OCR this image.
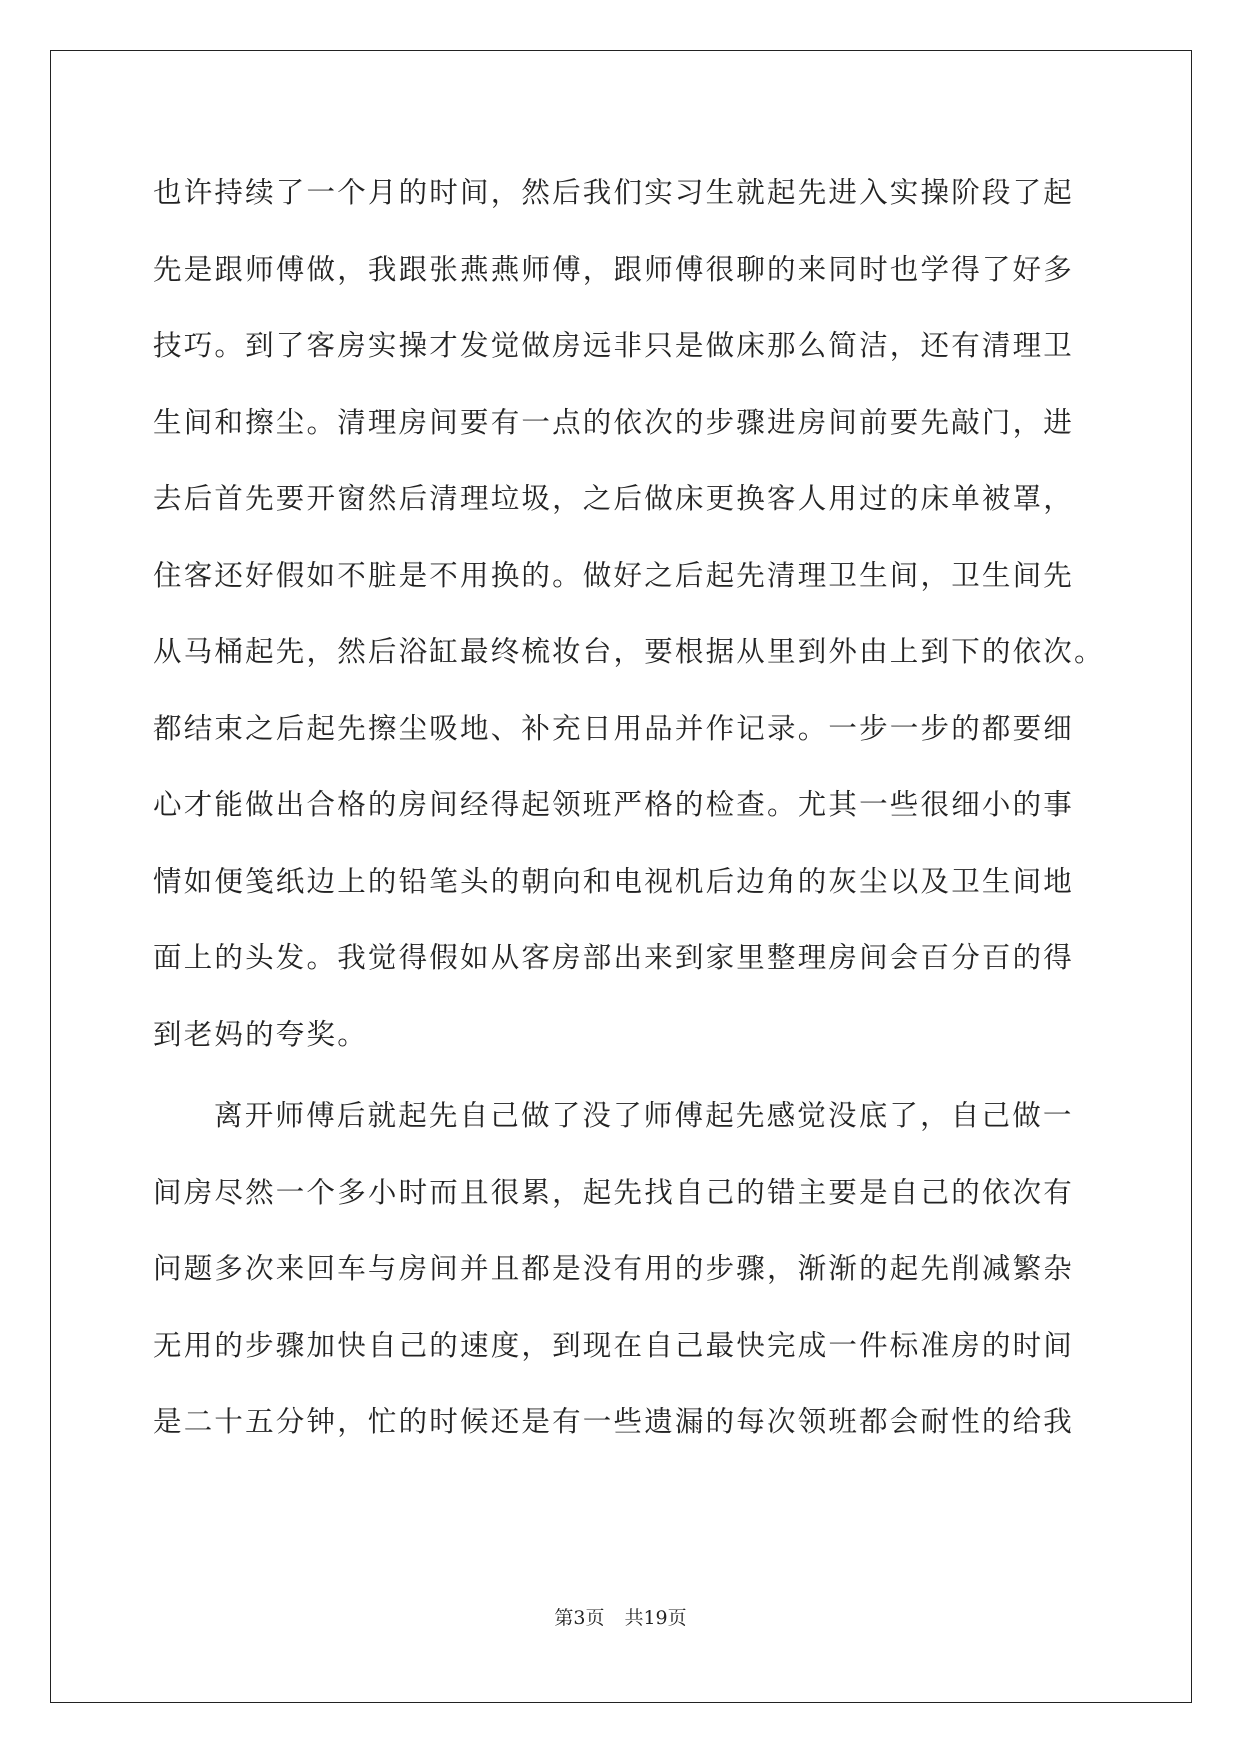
也许持续了一个月的时间，然后我们实习生就起先进入实操阶段了起
先是跟师傅做，我跟张燕燕师傅，跟师傅很聊的来同时也学得了好多
技巧。到了客房实操才发觉做房远非只是做床那么简洁，还有清理卫
生间和擦尘。清理房间要有一点的依次的步骤进房间前要先敲门，进
去后首先要开窗然后清理垃圾，之后做床更换客人用过的床单被罩，
住客还好假如不脏是不用换的。做好之后起先清理卫生间，卫生间先
从马桶起先，然后浴缸最终梳妆台，要根据从里到外由上到下的依次。
都结束之后起先擦尘吸地、补充日用品并作记录。一步一步的都要细
心才能做出合格的房间经得起领班严格的检查。尤其一些很细小的事
情如便笺纸边上的铅笔头的朝向和电视机后边角的灰尘以及卫生间地
面上的头发。我觉得假如从客房部出来到家里整理房间会百分百的得
到老妈的夸奖。
离开师傅后就起先自己做了没了师傅起先感觉没底了，自己做一
间房尽然一个多小时而且很累，起先找自己的错主要是自己的依次有
问题多次来回车与房间并且都是没有用的步骤，渐渐的起先削减繁杂
无用的步骤加快自己的速度，到现在自己最快完成一件标准房的时间
是二十五分钟，忙的时候还是有一些遗漏的每次领班都会耐性的给我
第3页 共19页
